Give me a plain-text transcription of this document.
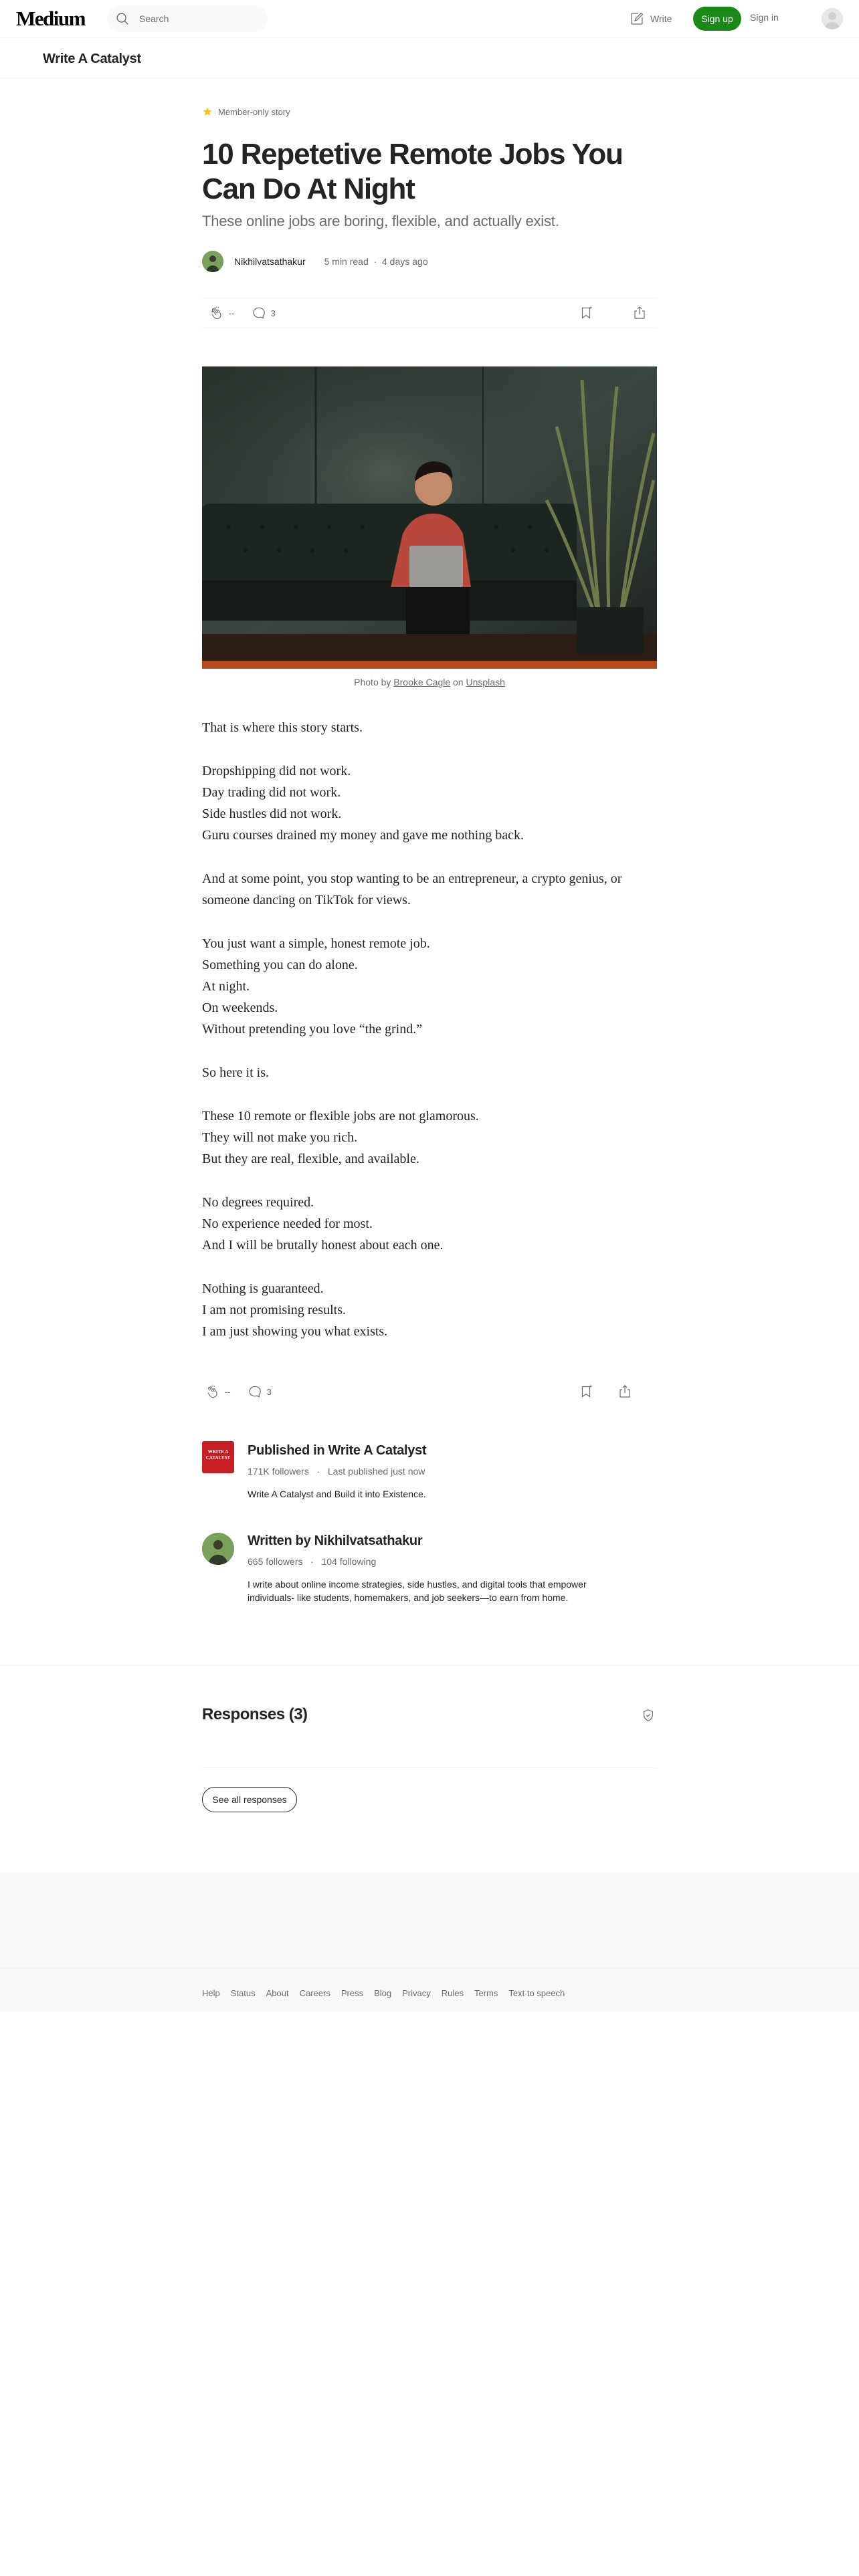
Medium	Search	Write	Sign up	Sign in
Write A Catalyst
Member-only story
10 Repetetive Remote Jobs You Can Do At Night
These online jobs are boring, flexible, and actually exist.
Nikhilvatsathakur 5 min read · 4 days ago
--	3
Photo by Brooke Cagle on Unsplash

That is where this story starts.

Dropshipping did not work.

Day trading did not work.

Side hustles did not work.

Guru courses drained my money and gave me nothing back.

And at some point, you stop wanting to be an entrepreneur, a crypto genius, or someone dancing on TikTok for views.

You just want a simple, honest remote job.

Something you can do alone.

At night.

On weekends.

Without pretending you love “the grind.”

So here it is.

These 10 remote or flexible jobs are not glamorous.

They will not make you rich.

But they are real, flexible, and available.

No degrees required.

No experience needed for most.

And I will be brutally honest about each one.

Nothing is guaranteed.

I am not promising results.

I am just showing you what exists.

--	3
WRITE A CATALYST Published in Write A Catalyst
171K followers   ·   Last published just now
Write A Catalyst and Build it into Existence.
Written by Nikhilvatsathakur
665 followers   ·   104 following
I write about online income strategies, side hustles, and digital tools that empower individuals- like students, homemakers, and job seekers—to earn from home.
Responses (3)
See all responses
Help Status About Careers Press Blog Privacy Rules Terms Text to speech
